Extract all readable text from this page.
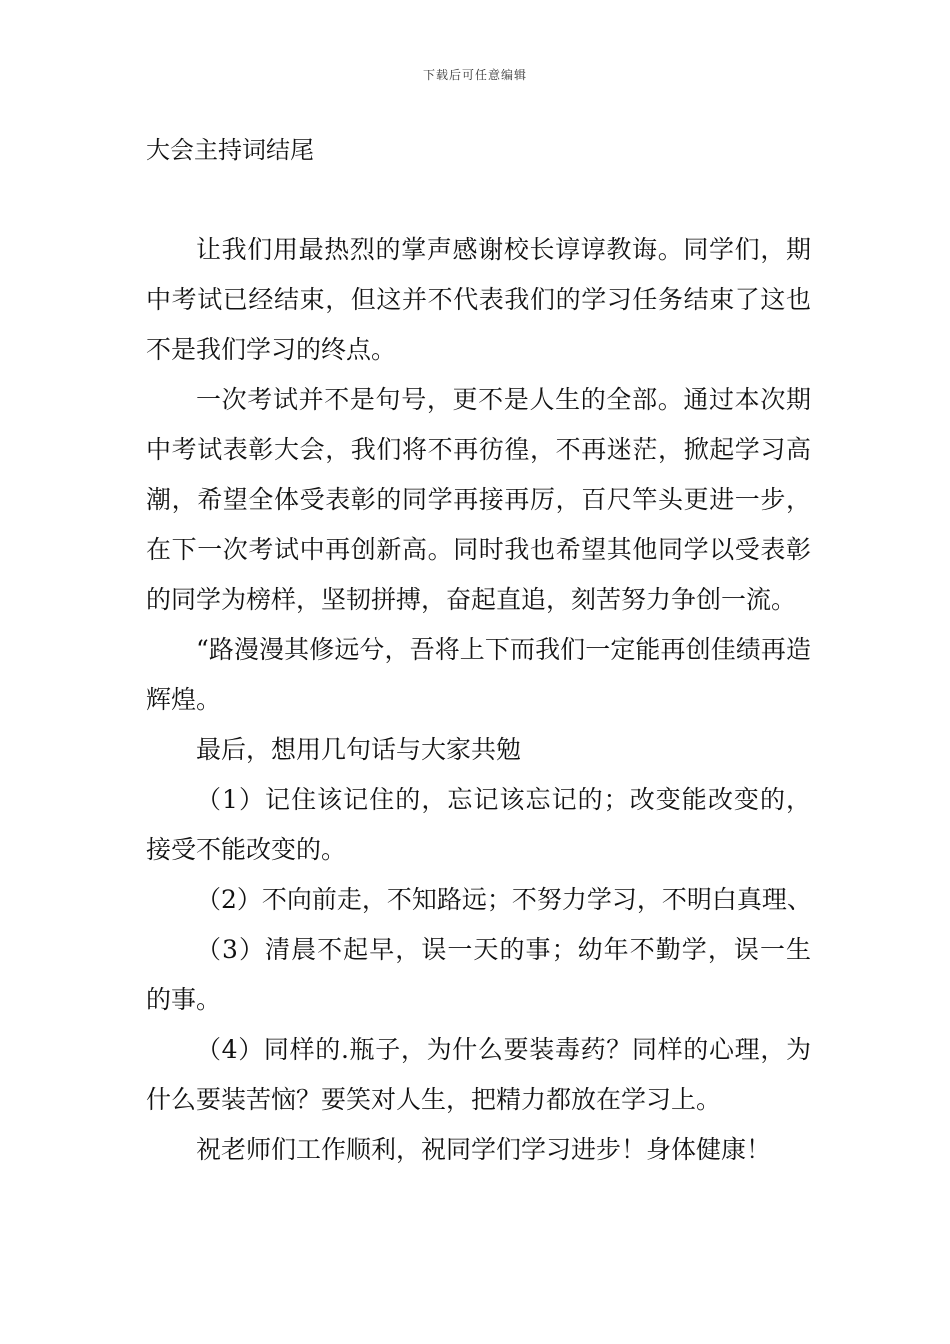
下载后可任意编辑
大会主持词结尾

让我们用最热烈的掌声感谢校长谆谆教诲。同学们，期中考试已经结束，但这并不代表我们的学习任务结束了这也不是我们学习的终点。

一次考试并不是句号，更不是人生的全部。通过本次期中考试表彰大会，我们将不再彷徨，不再迷茫，掀起学习高潮，希望全体受表彰的同学再接再厉，百尺竿头更进一步，在下一次考试中再创新高。同时我也希望其他同学以受表彰的同学为榜样，坚韧拼搏，奋起直追，刻苦努力争创一流。

“路漫漫其修远兮，吾将上下而我们一定能再创佳绩再造辉煌。

最后，想用几句话与大家共勉

（1）记住该记住的，忘记该忘记的；改变能改变的，接受不能改变的。

（2）不向前走，不知路远；不努力学习，不明白真理、

（3）清晨不起早，误一天的事；幼年不勤学，误一生的事。

（4）同样的.瓶子，为什么要装毒药？同样的心理，为什么要装苦恼？要笑对人生，把精力都放在学习上。

祝老师们工作顺利，祝同学们学习进步！身体健康！
